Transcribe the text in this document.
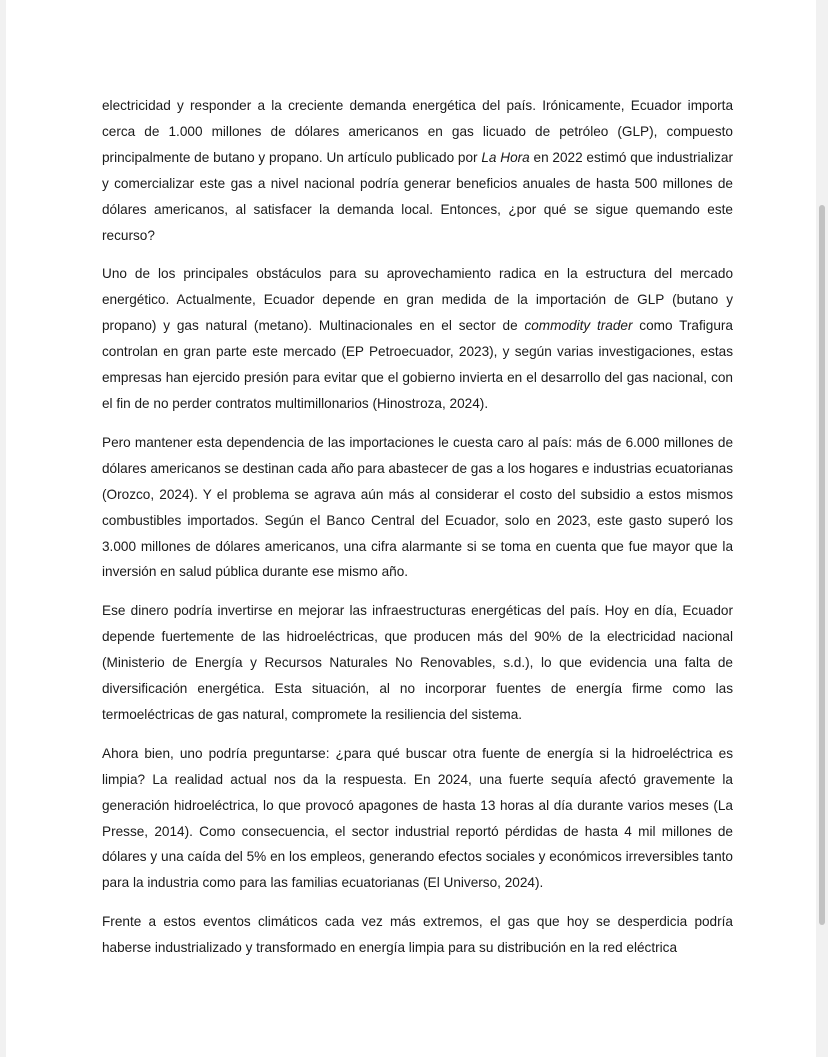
electricidad y responder a la creciente demanda energética del país. Irónicamente, Ecuador importa cerca de 1.000 millones de dólares americanos en gas licuado de petróleo (GLP), compuesto principalmente de butano y propano. Un artículo publicado por La Hora en 2022 estimó que industrializar y comercializar este gas a nivel nacional podría generar beneficios anuales de hasta 500 millones de dólares americanos, al satisfacer la demanda local. Entonces, ¿por qué se sigue quemando este recurso?

Uno de los principales obstáculos para su aprovechamiento radica en la estructura del mercado energético. Actualmente, Ecuador depende en gran medida de la importación de GLP (butano y propano) y gas natural (metano). Multinacionales en el sector de commodity trader como Trafigura controlan en gran parte este mercado (EP Petroecuador, 2023), y según varias investigaciones, estas empresas han ejercido presión para evitar que el gobierno invierta en el desarrollo del gas nacional, con el fin de no perder contratos multimillonarios (Hinostroza, 2024).

Pero mantener esta dependencia de las importaciones le cuesta caro al país: más de 6.000 millones de dólares americanos se destinan cada año para abastecer de gas a los hogares e industrias ecuatorianas (Orozco, 2024). Y el problema se agrava aún más al considerar el costo del subsidio a estos mismos combustibles importados. Según el Banco Central del Ecuador, solo en 2023, este gasto superó los 3.000 millones de dólares americanos, una cifra alarmante si se toma en cuenta que fue mayor que la inversión en salud pública durante ese mismo año.

Ese dinero podría invertirse en mejorar las infraestructuras energéticas del país. Hoy en día, Ecuador depende fuertemente de las hidroeléctricas, que producen más del 90% de la electricidad nacional (Ministerio de Energía y Recursos Naturales No Renovables, s.d.), lo que evidencia una falta de diversificación energética. Esta situación, al no incorporar fuentes de energía firme como las termoeléctricas de gas natural, compromete la resiliencia del sistema.

Ahora bien, uno podría preguntarse: ¿para qué buscar otra fuente de energía si la hidroeléctrica es limpia? La realidad actual nos da la respuesta. En 2024, una fuerte sequía afectó gravemente la generación hidroeléctrica, lo que provocó apagones de hasta 13 horas al día durante varios meses (La Presse, 2014). Como consecuencia, el sector industrial reportó pérdidas de hasta 4 mil millones de dólares y una caída del 5% en los empleos, generando efectos sociales y económicos irreversibles tanto para la industria como para las familias ecuatorianas (El Universo, 2024).

Frente a estos eventos climáticos cada vez más extremos, el gas que hoy se desperdicia podría haberse industrializado y transformado en energía limpia para su distribución en la red eléctrica
